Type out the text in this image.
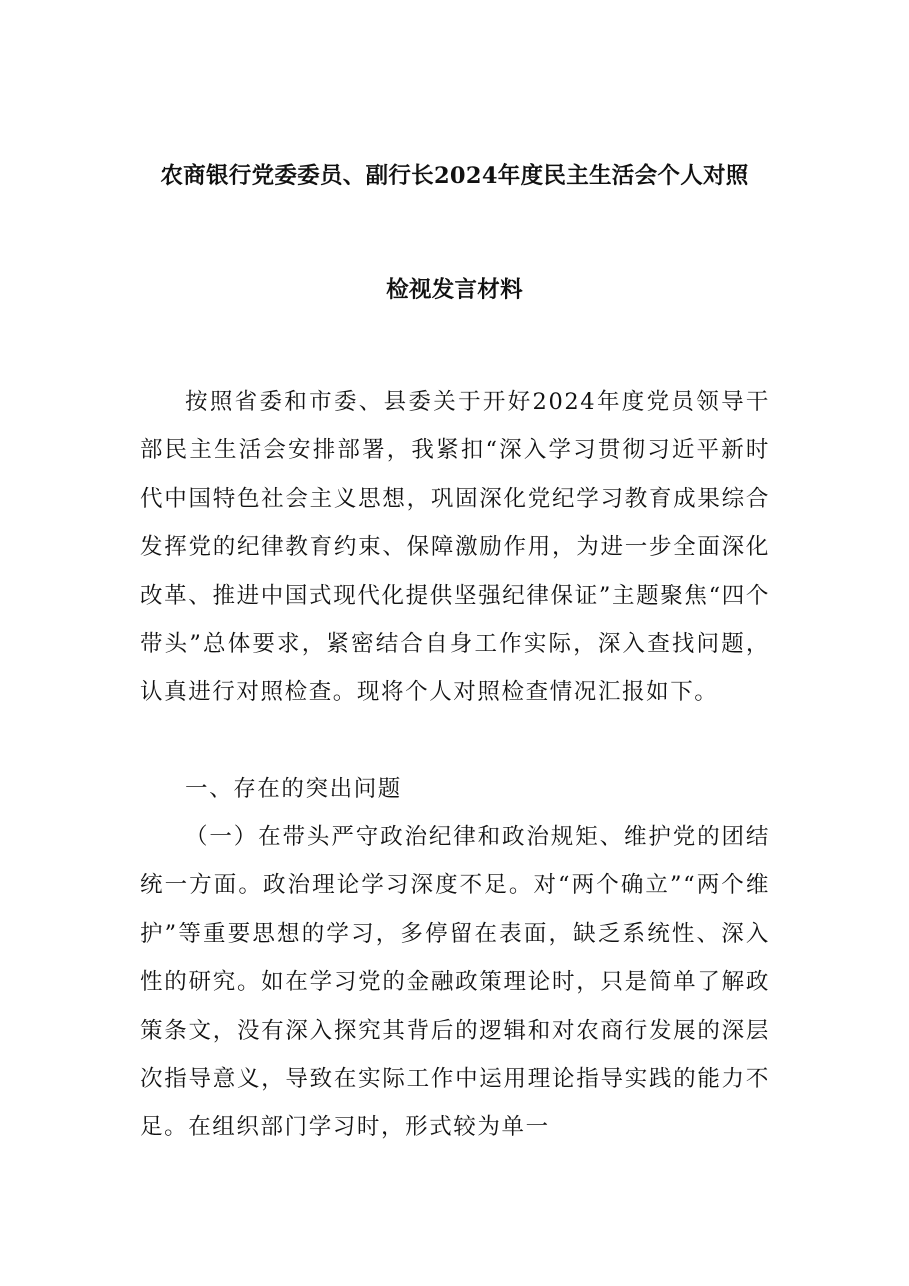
农商银行党委委员、副行长2024年度民主生活会个人对照
检视发言材料

按照省委和市委、县委关于开好2024年度党员领导干部民主生活会安排部署，我紧扣“深入学习贯彻习近平新时代中国特色社会主义思想，巩固深化党纪学习教育成果综合发挥党的纪律教育约束、保障激励作用，为进一步全面深化改革、推进中国式现代化提供坚强纪律保证”主题聚焦“四个带头”总体要求，紧密结合自身工作实际，深入查找问题，认真进行对照检查。现将个人对照检查情况汇报如下。

一、存在的突出问题

（一）在带头严守政治纪律和政治规矩、维护党的团结统一方面。政治理论学习深度不足。对“两个确立”“两个维护”等重要思想的学习，多停留在表面，缺乏系统性、深入性的研究。如在学习党的金融政策理论时，只是简单了解政策条文，没有深入探究其背后的逻辑和对农商行发展的深层次指导意义，导致在实际工作中运用理论指导实践的能力不足。在组织部门学习时，形式较为单一
